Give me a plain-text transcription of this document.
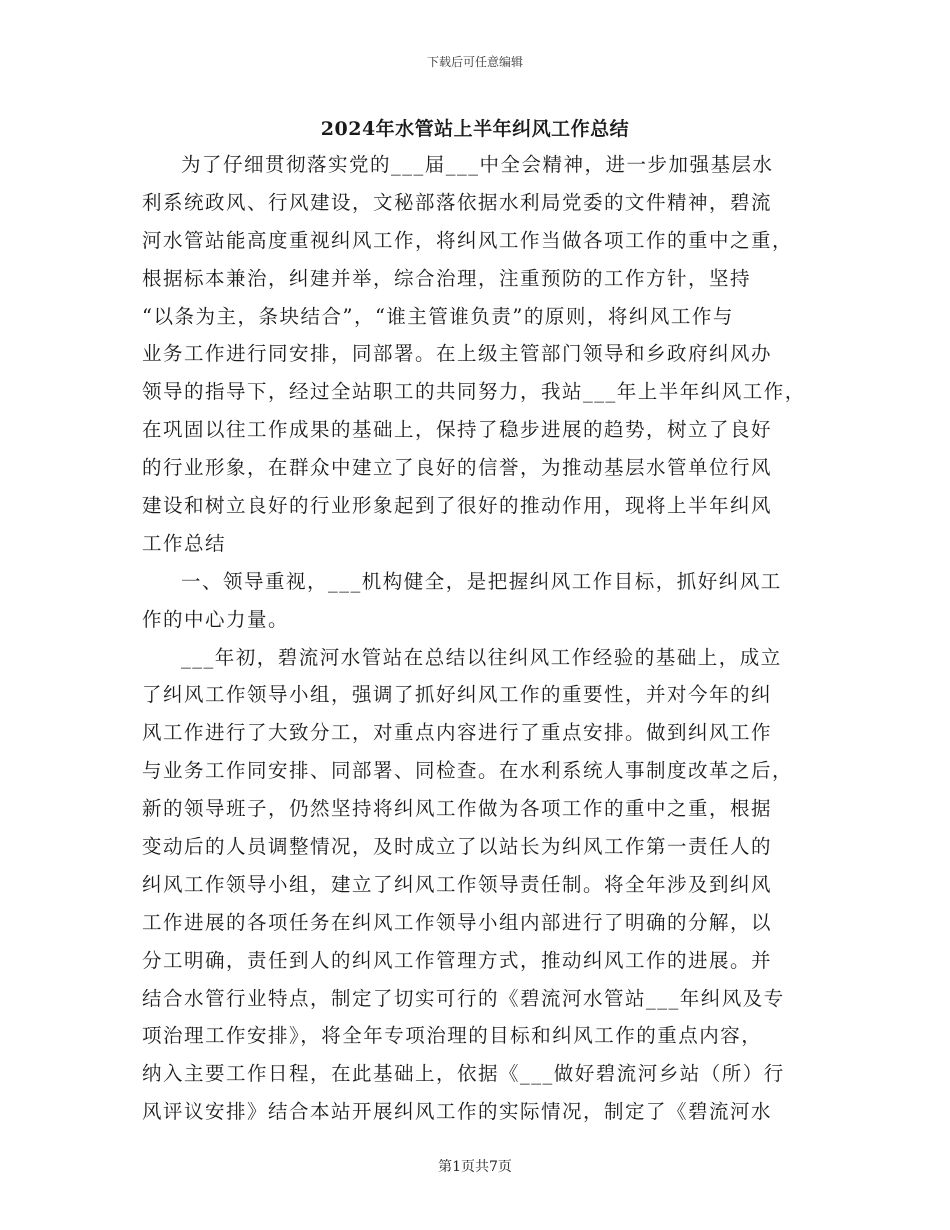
下载后可任意编辑
2024年水管站上半年纠风工作总结
为了仔细贯彻落实党的___届___中全会精神，进一步加强基层水
利系统政风、行风建设，文秘部落依据水利局党委的文件精神，碧流
河水管站能高度重视纠风工作，将纠风工作当做各项工作的重中之重，
根据标本兼治，纠建并举，综合治理，注重预防的工作方针，坚持
“以条为主，条块结合”，“谁主管谁负责”的原则，将纠风工作与
业务工作进行同安排，同部署。在上级主管部门领导和乡政府纠风办
领导的指导下，经过全站职工的共同努力，我站___年上半年纠风工作，
在巩固以往工作成果的基础上，保持了稳步进展的趋势，树立了良好
的行业形象，在群众中建立了良好的信誉，为推动基层水管单位行风
建设和树立良好的行业形象起到了很好的推动作用，现将上半年纠风
工作总结
一、领导重视，___机构健全，是把握纠风工作目标，抓好纠风工
作的中心力量。
___年初，碧流河水管站在总结以往纠风工作经验的基础上，成立
了纠风工作领导小组，强调了抓好纠风工作的重要性，并对今年的纠
风工作进行了大致分工，对重点内容进行了重点安排。做到纠风工作
与业务工作同安排、同部署、同检查。在水利系统人事制度改革之后，
新的领导班子，仍然坚持将纠风工作做为各项工作的重中之重，根据
变动后的人员调整情况，及时成立了以站长为纠风工作第一责任人的
纠风工作领导小组，建立了纠风工作领导责任制。将全年涉及到纠风
工作进展的各项任务在纠风工作领导小组内部进行了明确的分解，以
分工明确，责任到人的纠风工作管理方式，推动纠风工作的进展。并
结合水管行业特点，制定了切实可行的《碧流河水管站___年纠风及专
项治理工作安排》，将全年专项治理的目标和纠风工作的重点内容，
纳入主要工作日程，在此基础上，依据《___做好碧流河乡站（所）行
风评议安排》结合本站开展纠风工作的实际情况，制定了《碧流河水
第1页共7页
